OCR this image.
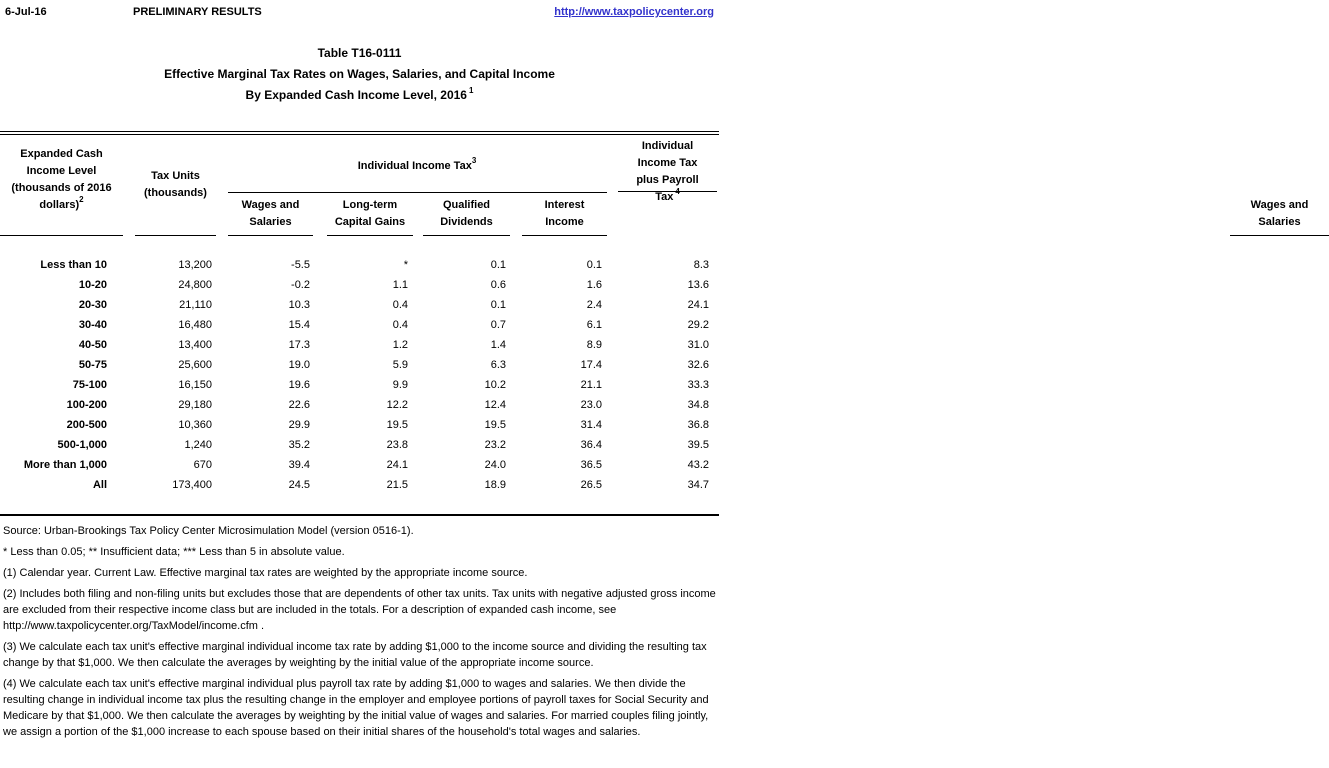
6-Jul-16	PRELIMINARY RESULTS	http://www.taxpolicycenter.org
Table T16-0111
Effective Marginal Tax Rates on Wages, Salaries, and Capital Income
By Expanded Cash Income Level, 2016 $^1$
Expanded Cash Income Level (thousands of 2016 dollars)$^2$
Tax Units (thousands)
Individual Income Tax$^3$
Wages and Salaries
Long-term Capital Gains
Qualified Dividends
Interest Income
Individual Income Tax plus Payroll Tax $^4$
Wages and Salaries
Less than 10	13,200	-5.5	*	0.1	0.1	8.3
10-20	24,800	-0.2	1.1	0.6	1.6	13.6
20-30	21,110	10.3	0.4	0.1	2.4	24.1
30-40	16,480	15.4	0.4	0.7	6.1	29.2
40-50	13,400	17.3	1.2	1.4	8.9	31.0
50-75	25,600	19.0	5.9	6.3	17.4	32.6
75-100	16,150	19.6	9.9	10.2	21.1	33.3
100-200	29,180	22.6	12.2	12.4	23.0	34.8
200-500	10,360	29.9	19.5	19.5	31.4	36.8
500-1,000	1,240	35.2	23.8	23.2	36.4	39.5
More than 1,000	670	39.4	24.1	24.0	36.5	43.2
All	173,400	24.5	21.5	18.9	26.5	34.7

Source: Urban-Brookings Tax Policy Center Microsimulation Model (version 0516-1).

* Less than 0.05; ** Insufficient data; *** Less than 5 in absolute value.

(1) Calendar year. Current Law. Effective marginal tax rates are weighted by the appropriate income source.

(2) Includes both filing and non-filing units but excludes those that are dependents of other tax units. Tax units with negative adjusted gross income are excluded from their respective income class but are included in the totals. For a description of expanded cash income, see http://www.taxpolicycenter.org/TaxModel/income.cfm .

(3) We calculate each tax unit's effective marginal individual income tax rate by adding $1,000 to the income source and dividing the resulting tax change by that $1,000. We then calculate the averages by weighting by the initial value of the appropriate income source.

(4) We calculate each tax unit's effective marginal individual plus payroll tax rate by adding $1,000 to wages and salaries. We then divide the resulting change in individual income tax plus the resulting change in the employer and employee portions of payroll taxes for Social Security and Medicare by that $1,000. We then calculate the averages by weighting by the initial value of wages and salaries. For married couples filing jointly, we assign a portion of the $1,000 increase to each spouse based on their initial shares of the household's total wages and salaries.
